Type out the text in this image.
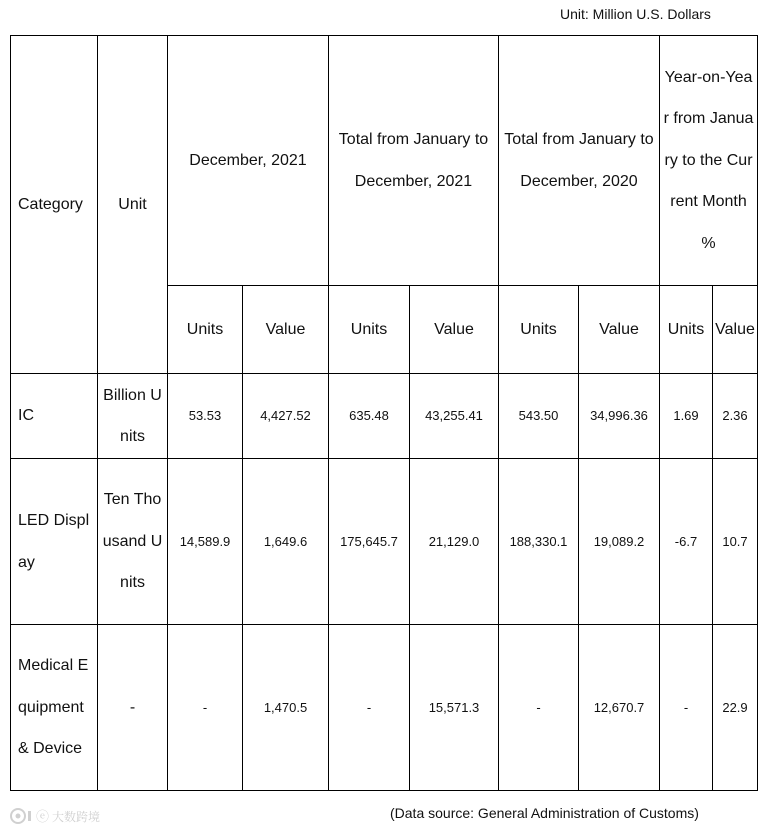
Unit: Million U.S. Dollars
Category	Unit	December, 2021		Total from January to December, 2021		Total from January to December, 2020		Year-on-Year from January to the Current Month %	
		Units	Value	Units	Value	Units	Value	Units	Value
IC	Billion Units	53.53	4,427.52	635.48	43,255.41	543.50	34,996.36	1.69	2.36
LED Display	Ten Thousand Units	14,589.9	1,649.6	175,645.7	21,129.0	188,330.1	19,089.2	-6.7	10.7
Medical Equipment & Device	-	-	1,470.5	-	15,571.3	-	12,670.7	-	22.9
(Data source: General Administration of Customs)
ⓔ 大数跨境
